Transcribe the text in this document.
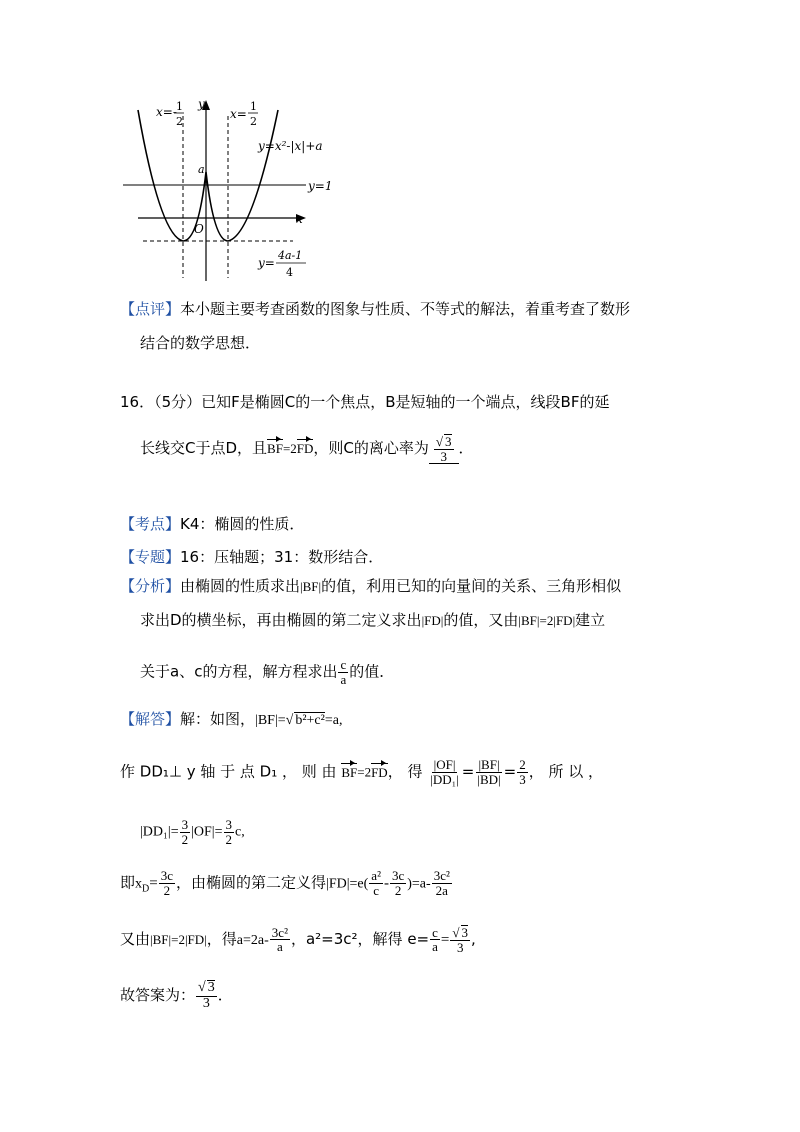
x=- 1
2
y
x=
1
2
y=x²-|x|+a
a
y=1
x
O
y=
4a-1
4
【点评】本小题主要考查函数的图象与性质、不等式的解法，着重考查了数形
结合的数学思想．
16．（5分）已知F是椭圆C的一个焦点，B是短轴的一个端点，线段BF的延
长线交C于点D，且BF=2FD，则C的离心率为 $\frac{√ 3}{3}$ ．
【考点】K4：椭圆的性质．
【专题】16：压轴题；31：数形结合．
【分析】由椭圆的性质求出|BF|的值，利用已知的向量间的关系、三角形相似
求出D的横坐标，再由椭圆的第二定义求出|FD|的值，又由|BF|=2|FD|建立
关于a、c的方程，解方程求出 $\frac{c}{a}$ 的值．
【解答】解：如图，|BF|=√ b²+c²=a,
作 DD₁⊥ y 轴 于 点 D₁ ， 则 由 BF=2FD， 得 $\frac{|OF|}{\text{|DD₁|}} = \frac{|BF|}{|BD|} = \frac{2}{3}$ ， 所 以 ，
$|DD_1|= \frac{3}{2} |OF|= \frac{3}{2} c$,
即$x_D= \frac{3c}{2}$ ，由椭圆的第二定义得$|FD|=e( \frac{\text{a²}}{c} - \frac{3c}{2} )=a- \frac{\text{3c²}}{2a}$
又由|BF|=2|FD|，得$a=2a- \frac{\text{3c²}}{a}$ ，a²=3c²，解得 $e= \frac{c}{a} = \frac{√ 3}{3}$ ,
故答案为： $\frac{√ 3}{3}$ ．
